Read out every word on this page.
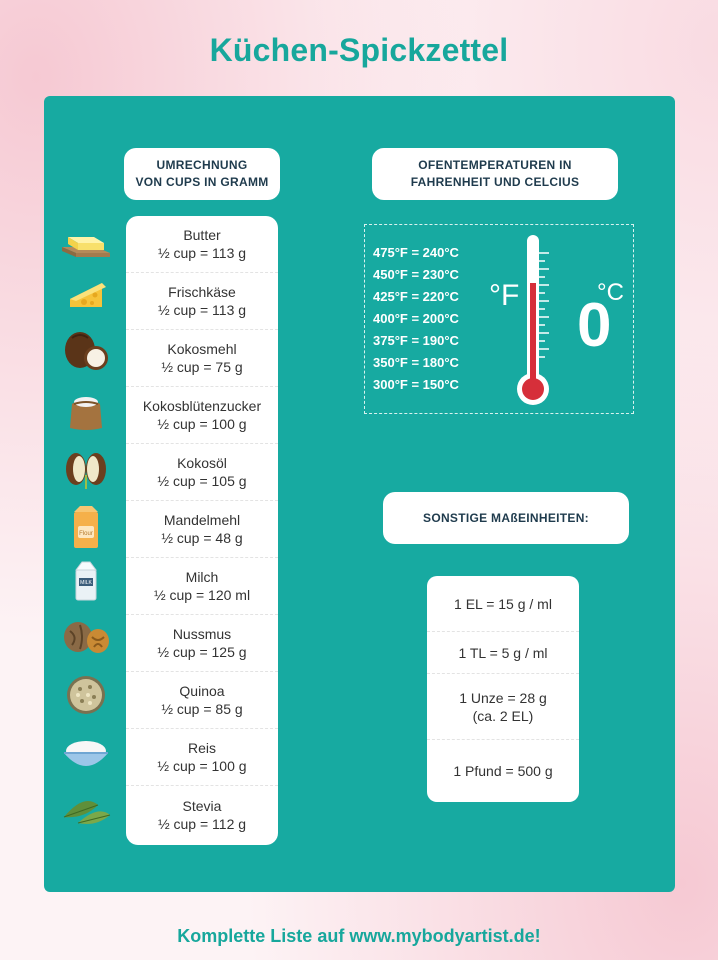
Küchen-Spickzettel
UMRECHNUNG
VON CUPS IN GRAMM
Flour
MILK
Butter
½ cup = 113 g
Frischkäse
½ cup = 113 g
Kokosmehl
½ cup = 75 g
Kokosblütenzucker
½ cup = 100 g
Kokosöl
½ cup = 105 g
Mandelmehl
½ cup = 48 g
Milch
½ cup = 120 ml
Nussmus
½ cup = 125 g
Quinoa
½ cup = 85 g
Reis
½ cup = 100 g
Stevia
½ cup = 112 g
OFENTEMPERATUREN IN
FAHRENHEIT UND CELCIUS
475°F = 240°C
450°F = 230°C
425°F = 220°C
400°F = 200°C
375°F = 190°C
350°F = 180°C
300°F = 150°C
°F 0
°C
SONSTIGE MAßEINHEITEN:
1 EL = 15 g / ml
1 TL = 5 g / ml
1 Unze = 28 g
(ca. 2 EL)
1 Pfund = 500 g
Komplette Liste auf www.mybodyartist.de!
